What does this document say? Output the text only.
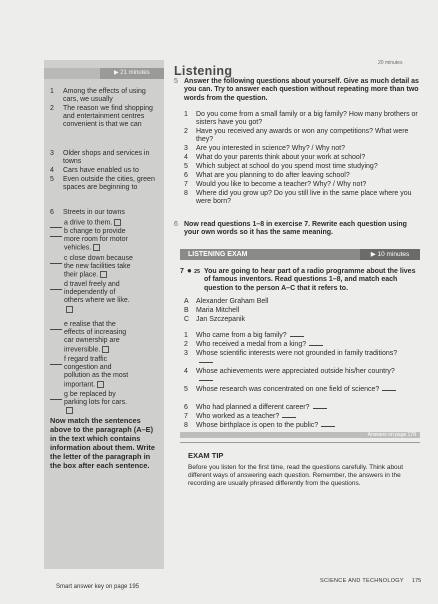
▶ 21 minutes
1 Among the effects of using cars, we usually
2 The reason we find shopping and entertainment centres convenient is that we can
3 Older shops and services in towns
4 Cars have enabled us to
5 Even outside the cities, green spaces are beginning to
6 Streets in our towns

a drive to them.

b change to provide more room for motor vehicles.

c close down because the new facilities take their place.

d travel freely and independently of others where we like.

e realise that the effects of increasing car ownership are irreversible.

f regard traffic congestion and pollution as the most important.

g be replaced by parking lots for cars.
Now match the sentences above to the paragraph (A–E) in the text which contains information about them. Write the letter of the paragraph in the box after each sentence.
20 minutes
Listening
5 Answer the following questions about yourself. Give as much detail as you can. Try to answer each question without repeating more than two words from the question.
1 Do you come from a small family or a big family? How many brothers or sisters have you got?
2 Have you received any awards or won any competitions? What were they?
3 Are you interested in science? Why? / Why not?
4 What do your parents think about your work at school?
5 Which subject at school do you spend most time studying?
6 What are you planning to do after leaving school?
7 Would you like to become a teacher? Why? / Why not?
8 Where did you grow up? Do you still live in the same place where you were born?
6 Now read questions 1–8 in exercise 7. Rewrite each question using your own words so it has the same meaning.
LISTENING EXAM	▶ 10 minutes
7 ● 25 You are going to hear part of a radio programme about the lives of famous inventors. Read questions 1–8, and match each question to the person A–C that it refers to.
A Alexander Graham Bell
B Maria Mitchell
C Jan Szczepanik
1 Who came from a big family?
2 Who received a medal from a king?
3 Whose scientific interests were not grounded in family traditions?
4 Whose achievements were appreciated outside his/her country?
5 Whose research was concentrated on one field of science?
6 Who had planned a different career?
7 Who worked as a teacher?
8 Whose birthplace is open to the public?
Answers on page 178
EXAM TIP
Before you listen for the first time, read the questions carefully. Think about different ways of answering each question. Remember, the answers in the recording are usually phrased differently from the questions.
Smart answer key on page 195
SCIENCE AND TECHNOLOGY 175
